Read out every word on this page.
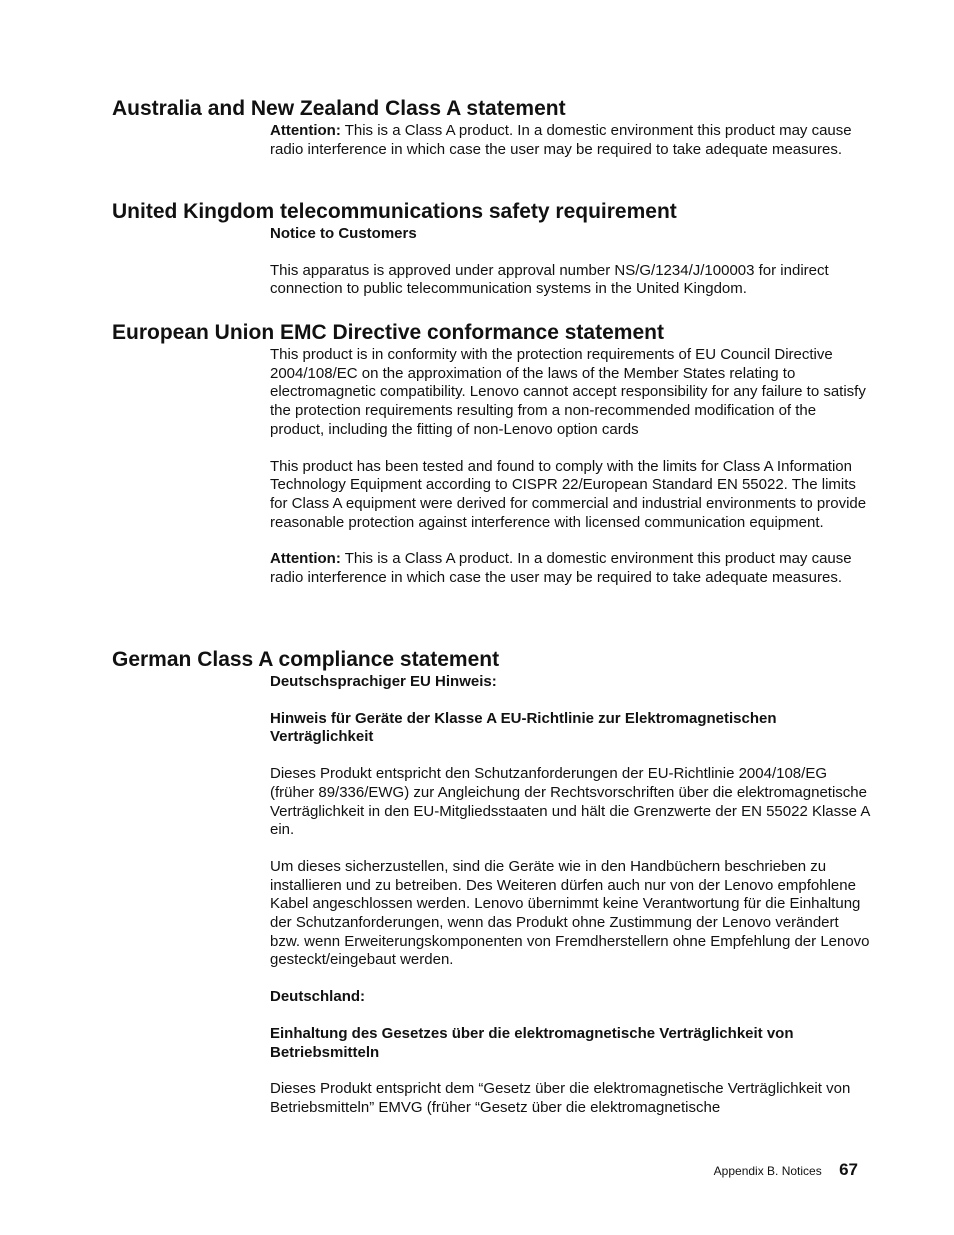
Australia and New Zealand Class A statement

Attention: This is a Class A product. In a domestic environment this product may cause radio interference in which case the user may be required to take adequate measures.

United Kingdom telecommunications safety requirement

Notice to Customers

This apparatus is approved under approval number NS/G/1234/J/100003 for indirect connection to public telecommunication systems in the United Kingdom.

European Union EMC Directive conformance statement

This product is in conformity with the protection requirements of EU Council Directive 2004/108/EC on the approximation of the laws of the Member States relating to electromagnetic compatibility. Lenovo cannot accept responsibility for any failure to satisfy the protection requirements resulting from a non-recommended modification of the product, including the fitting of non-Lenovo option cards

This product has been tested and found to comply with the limits for Class A Information Technology Equipment according to CISPR 22/European Standard EN 55022. The limits for Class A equipment were derived for commercial and industrial environments to provide reasonable protection against interference with licensed communication equipment.

Attention: This is a Class A product. In a domestic environment this product may cause radio interference in which case the user may be required to take adequate measures.

German Class A compliance statement

Deutschsprachiger EU Hinweis:

Hinweis für Geräte der Klasse A EU-Richtlinie zur Elektromagnetischen Verträglichkeit

Dieses Produkt entspricht den Schutzanforderungen der EU-Richtlinie 2004/108/EG (früher 89/336/EWG) zur Angleichung der Rechtsvorschriften über die elektromagnetische Verträglichkeit in den EU-Mitgliedsstaaten und hält die Grenzwerte der EN 55022 Klasse A ein.

Um dieses sicherzustellen, sind die Geräte wie in den Handbüchern beschrieben zu installieren und zu betreiben. Des Weiteren dürfen auch nur von der Lenovo empfohlene Kabel angeschlossen werden. Lenovo übernimmt keine Verantwortung für die Einhaltung der Schutzanforderungen, wenn das Produkt ohne Zustimmung der Lenovo verändert bzw. wenn Erweiterungskomponenten von Fremdherstellern ohne Empfehlung der Lenovo gesteckt/eingebaut werden.

Deutschland:

Einhaltung des Gesetzes über die elektromagnetische Verträglichkeit von Betriebsmitteln

Dieses Produkt entspricht dem “Gesetz über die elektromagnetische Verträglichkeit von Betriebsmitteln” EMVG (früher “Gesetz über die elektromagnetische

Appendix B. Notices 67
